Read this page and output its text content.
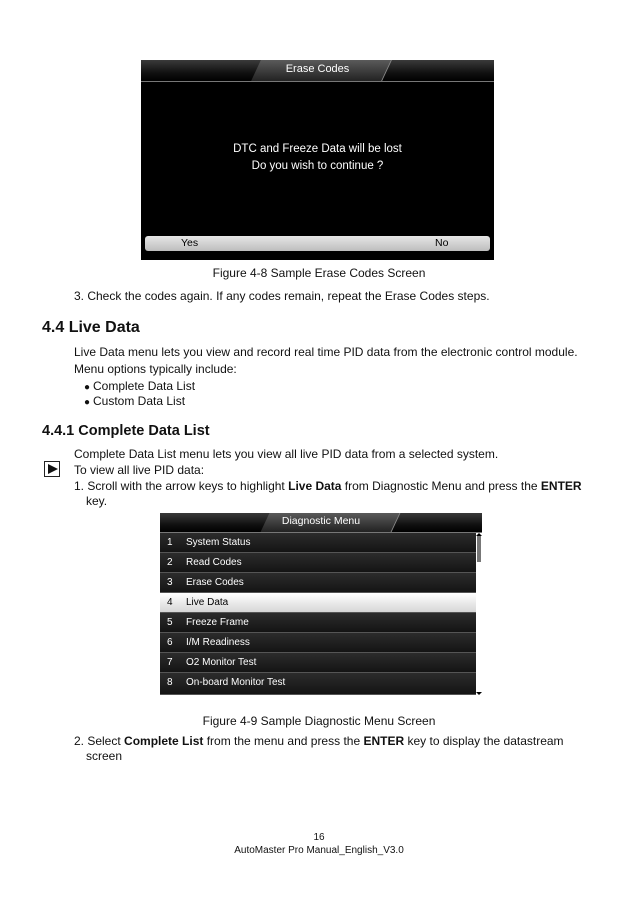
Erase Codes
DTC and Freeze Data will be lost
Do you wish to continue ?
Yes	No
Figure 4-8 Sample Erase Codes Screen
3. Check the codes again. If any codes remain, repeat the Erase Codes steps.
4.4 Live Data
Live Data menu lets you view and record real time PID data from the electronic control module.
Menu options typically include:
● Complete Data List
● Custom Data List
4.4.1 Complete Data List
Complete Data List menu lets you view all live PID data from a selected system.
To view all live PID data:
1. Scroll with the arrow keys to highlight Live Data from Diagnostic Menu and press the ENTER
key.
Diagnostic Menu
1 System Status
2 Read Codes
3 Erase Codes
4 Live Data
5 Freeze Frame
6 I/M Readiness
7 O2 Monitor Test
8 On-board Monitor Test
Figure 4-9 Sample Diagnostic Menu Screen
2. Select Complete List from the menu and press the ENTER key to display the datastream
screen
16
AutoMaster Pro Manual_English_V3.0
